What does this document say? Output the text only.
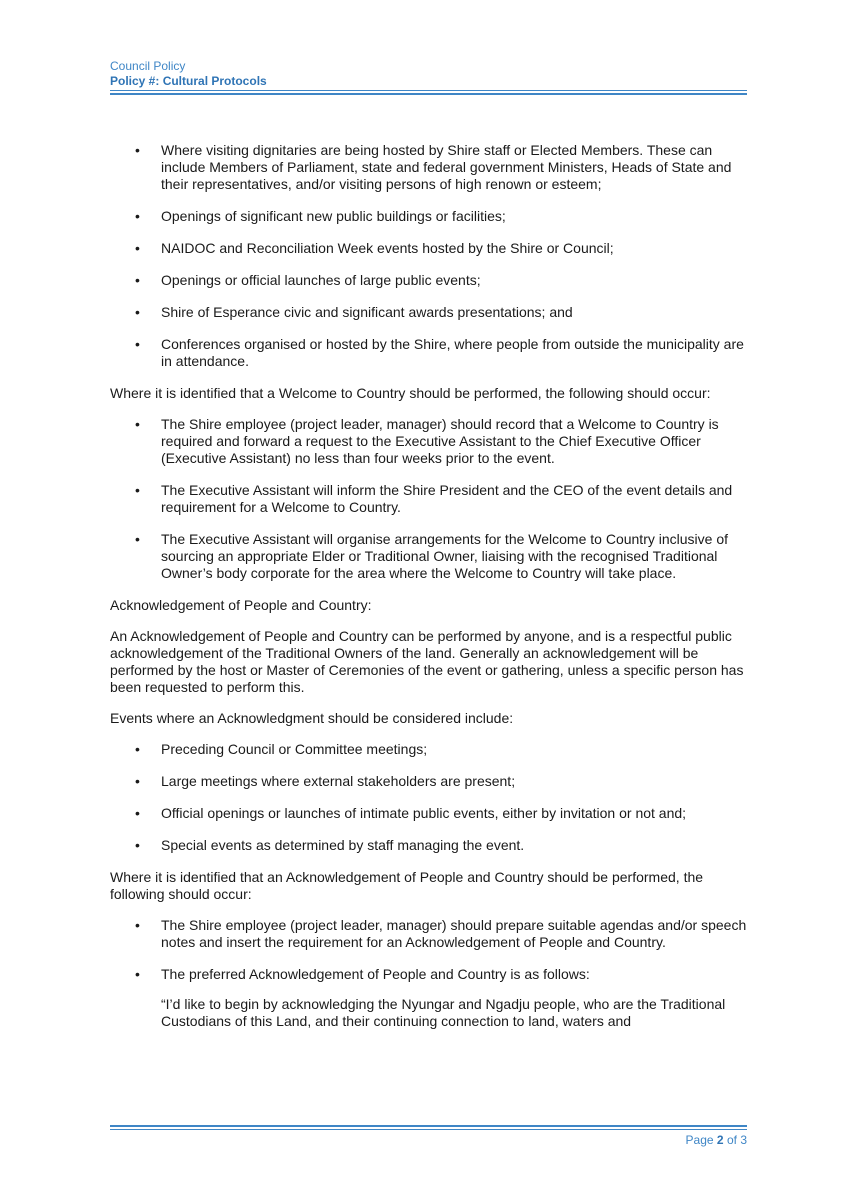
Council Policy
Policy #: Cultural Protocols
• Where visiting dignitaries are being hosted by Shire staff or Elected Members. These can include Members of Parliament, state and federal government Ministers, Heads of State and their representatives, and/or visiting persons of high renown or esteem;
• Openings of significant new public buildings or facilities;
• NAIDOC and Reconciliation Week events hosted by the Shire or Council;
• Openings or official launches of large public events;
• Shire of Esperance civic and significant awards presentations; and
• Conferences organised or hosted by the Shire, where people from outside the municipality are in attendance.

Where it is identified that a Welcome to Country should be performed, the following should occur:

• The Shire employee (project leader, manager) should record that a Welcome to Country is required and forward a request to the Executive Assistant to the Chief Executive Officer (Executive Assistant) no less than four weeks prior to the event.
• The Executive Assistant will inform the Shire President and the CEO of the event details and requirement for a Welcome to Country.
• The Executive Assistant will organise arrangements for the Welcome to Country inclusive of sourcing an appropriate Elder or Traditional Owner, liaising with the recognised Traditional Owner’s body corporate for the area where the Welcome to Country will take place.

Acknowledgement of People and Country:

An Acknowledgement of People and Country can be performed by anyone, and is a respectful public acknowledgement of the Traditional Owners of the land. Generally an acknowledgement will be performed by the host or Master of Ceremonies of the event or gathering, unless a specific person has been requested to perform this.

Events where an Acknowledgment should be considered include:

• Preceding Council or Committee meetings;
• Large meetings where external stakeholders are present;
• Official openings or launches of intimate public events, either by invitation or not and;
• Special events as determined by staff managing the event.

Where it is identified that an Acknowledgement of People and Country should be performed, the following should occur:

• The Shire employee (project leader, manager) should prepare suitable agendas and/or speech notes and insert the requirement for an Acknowledgement of People and Country.
• The preferred Acknowledgement of People and Country is as follows:
“I’d like to begin by acknowledging the Nyungar and Ngadju people, who are the Traditional Custodians of this Land, and their continuing connection to land, waters and
Page 2 of 3
